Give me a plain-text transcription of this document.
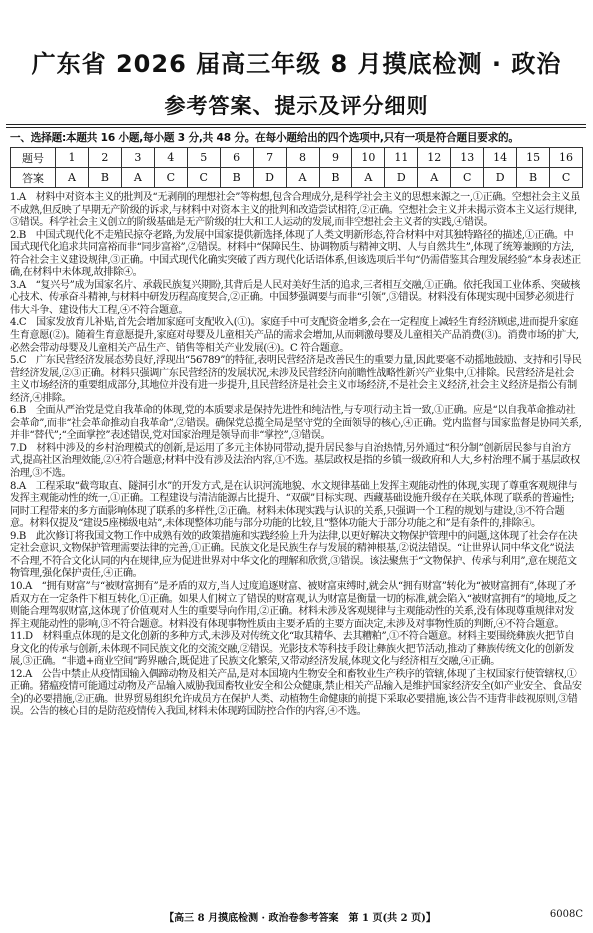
广东省 2026 届高三年级 8 月摸底检测 · 政治
参考答案、提示及评分细则
一、选择题:本题共 16 小题,每小题 3 分,共 48 分。在每小题给出的四个选项中,只有一项是符合题目要求的。
题号	1	2	3	4	5	6	7	8	9	10	11	12	13	14	15	16
答案	A	B	A	C	C	B	D	A	B	A	D	A	C	D	B	C

1.A　材料中对资本主义的批判及“无剥削的理想社会”等构想,包含合理成分,是科学社会主义的思想来源之一,①正确。空想社会主义虽不成熟,但反映了早期无产阶级的诉求,与材料中对资本主义的批判和改造尝试相符,②正确。空想社会主义并未揭示资本主义运行规律,③错误。科学社会主义创立的阶级基础是无产阶级的壮大和工人运动的发展,而非空想社会主义者的实践,④错误。

2.B　中国式现代化不走殖民掠夺老路,为发展中国家提供新选择,体现了人类文明新形态,符合材料中对其独特路径的描述,①正确。中国式现代化追求共同富裕而非“同步富裕”,②错误。材料中“保障民生、协调物质与精神文明、人与自然共生”,体现了统筹兼顾的方法,符合社会主义建设规律,③正确。中国式现代化确实突破了西方现代化话语体系,但该选项后半句“仍需借鉴其合理发展经验”本身表述正确,在材料中未体现,故排除④。

3.A　“复兴号”成为国家名片、承载民族复兴期盼,其背后是人民对美好生活的追求,三者相互交融,①正确。依托我国工业体系、突破核心技术、传承奋斗精神,与材料中研发历程高度契合,②正确。中国梦强调要与而非“引领”,③错误。材料没有体现实现中国梦必须进行伟大斗争、建设伟大工程,④不符合题意。

4.C　国家发放育儿补贴,首先会增加家庭可支配收入(①)。家庭手中可支配资金增多,会在一定程度上减轻生育经济顾虑,进而提升家庭生育意愿(②)。随着生育意愿提升,家庭对母婴及儿童相关产品的需求会增加,从而刺激母婴及儿童相关产品消费(③)。消费市场的扩大,必然会带动母婴及儿童相关产品生产、销售等相关产业发展(④)。C 符合题意。

5.C　广东民营经济发展态势良好,浮现出“56789”的特征,表明民营经济是改善民生的重要力量,因此要毫不动摇地鼓励、支持和引导民营经济发展,②③正确。材料只强调广东民营经济的发展状况,未涉及民营经济向前瞻性战略性新兴产业集中,①排除。民营经济是社会主义市场经济的重要组成部分,其地位并没有进一步提升,且民营经济是社会主义市场经济,不是社会主义经济,社会主义经济是指公有制经济,④排除。

6.B　全面从严治党是党自我革命的体现,党的本质要求是保持先进性和纯洁性,与专项行动主旨一致,①正确。应是“以自我革命推动社会革命”,而非“社会革命推动自我革命”,②错误。确保党总揽全局是坚守党的全面领导的核心,④正确。党内监督与国家监督是协同关系,并非“替代”;“全面掌控”表述错误,党对国家治理是领导而非“掌控”,③错误。

7.D　材料中涉及的乡村治理模式的创新,是运用了多元主体协同带动,提升居民参与自治热情,另外通过“积分制”创新居民参与自治方式,提高社区治理效能,②④符合题意;材料中没有涉及法治内容,①不选。基层政权是指的乡镇一级政府和人大,乡村治理不属于基层政权治理,③不选。

8.A　工程采取“截弯取直、隧洞引水”的开发方式,是在认识河流地貌、水文规律基础上发挥主观能动性的体现,实现了尊重客观规律与发挥主观能动性的统一,①正确。工程建设与清洁能源占比提升、“双碳”目标实现、西藏基础设施升级存在关联,体现了联系的普遍性;同时工程带来的多方面影响体现了联系的多样性,②正确。材料未体现实践与认识的关系,只强调一个工程的规划与建设,③不符合题意。材料仅提及“建设5座梯级电站”,未体现整体功能与部分功能的比较,且“整体功能大于部分功能之和”是有条件的,排除④。

9.B　此次修订将我国文物工作中成熟有效的政策措施和实践经验上升为法律,以更好解决文物保护管理中的问题,这体现了社会存在决定社会意识,文物保护管理需要法律的完善,①正确。民族文化是民族生存与发展的精神根基,②说法错误。“让世界认同中华文化”说法不合理,不符合文化认同的内在规律,应为促进世界对中华文化的理解和欣赏,③错误。该法聚焦于“文物保护、传承与利用”,意在规范文物管理,强化保护责任,④正确。

10.A　“拥有财富”与“被财富拥有”是矛盾的双方,当人过度追逐财富、被财富束缚时,就会从“拥有财富”转化为“被财富拥有”,体现了矛盾双方在一定条件下相互转化,①正确。如果人们树立了错误的财富观,认为财富是衡量一切的标准,就会陷入“被财富拥有”的境地,反之则能合理驾驭财富,这体现了价值观对人生的重要导向作用,②正确。材料未涉及客观规律与主观能动性的关系,没有体现尊重规律对发挥主观能动性的影响,③不符合题意。材料没有体现事物性质由主要矛盾的主要方面决定,未涉及对事物性质的判断,④不符合题意。

11.D　材料重点体现的是文化创新的多种方式,未涉及对传统文化“取其精华、去其糟粕”,①不符合题意。材料主要围绕彝族火把节自身文化的传承与创新,未体现不同民族文化的交流交融,②错误。光影技术等科技手段让彝族火把节活动,推动了彝族传统文化的创新发展,③正确。“非遗+商业空间”跨界融合,既促进了民族文化繁荣,又带动经济发展,体现文化与经济相互交融,④正确。

12.A　公告中禁止从疫情国输入偶蹄动物及相关产品,是对本国境内生物安全和畜牧业生产秩序的管辖,体现了主权国家行使管辖权,①正确。猪瘟疫情可能通过动物及产品输入威胁我国畜牧业安全和公众健康,禁止相关产品输入是维护国家经济安全(如产业安全、食品安全)的必要措施,②正确。世界贸易组织允许成员方在保护人类、动植物生命健康的前提下采取必要措施,该公告不违背非歧视原则,③错误。公告的核心目的是防范疫情传入我国,材料未体现跨国防控合作的内容,④不选。

【高三 8 月摸底检测 · 政治卷参考答案　第 1 页(共 2 页)】	6008C
